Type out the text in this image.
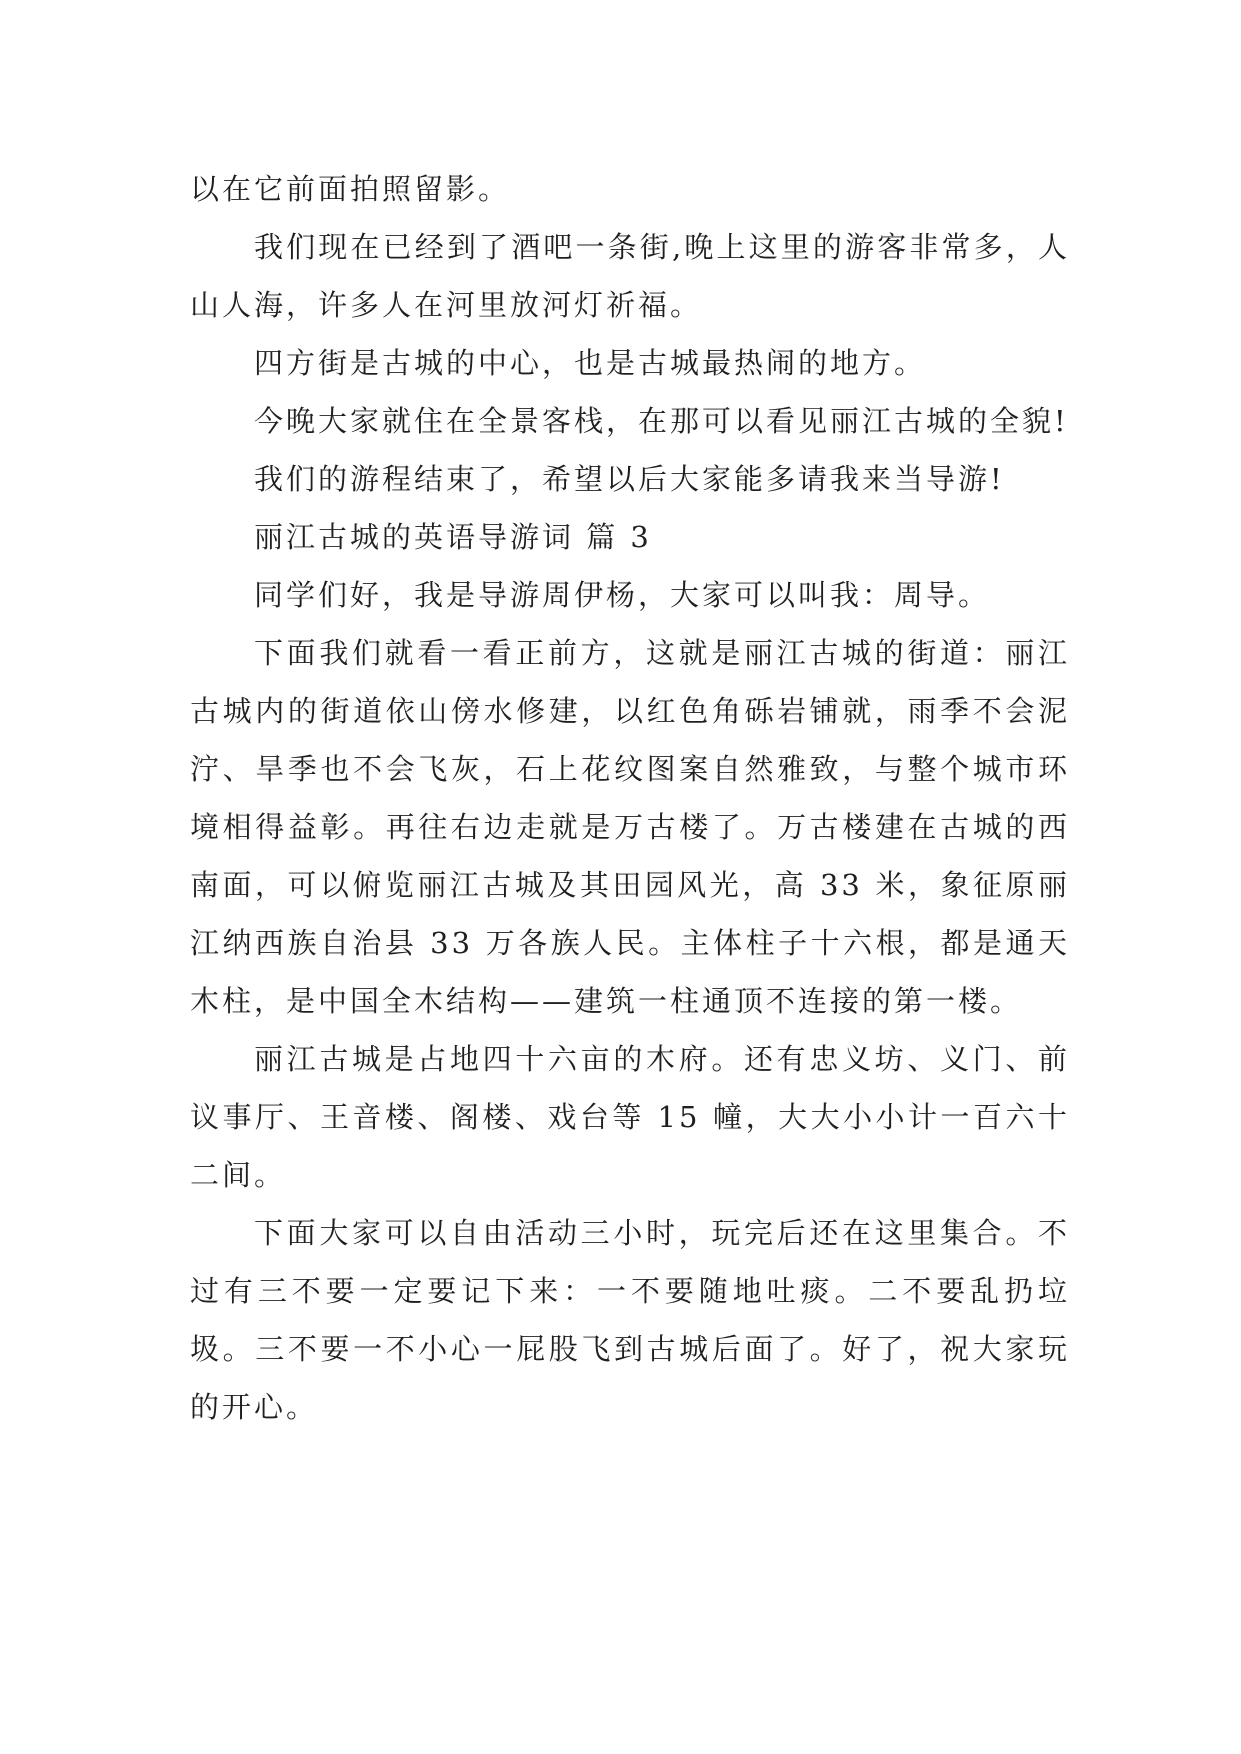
以在它前面拍照留影。

我们现在已经到了酒吧一条街,晚上这里的游客非常多，人山人海，许多人在河里放河灯祈福。

四方街是古城的中心，也是古城最热闹的地方。

今晚大家就住在全景客栈，在那可以看见丽江古城的全貌!

我们的游程结束了，希望以后大家能多请我来当导游!

丽江古城的英语导游词 篇 3

同学们好，我是导游周伊杨，大家可以叫我：周导。

下面我们就看一看正前方，这就是丽江古城的街道：丽江古城内的街道依山傍水修建，以红色角砾岩铺就，雨季不会泥泞、旱季也不会飞灰，石上花纹图案自然雅致，与整个城市环境相得益彰。再往右边走就是万古楼了。万古楼建在古城的西南面，可以俯览丽江古城及其田园风光，高 33 米，象征原丽江纳西族自治县 33 万各族人民。主体柱子十六根，都是通天木柱，是中国全木结构——建筑一柱通顶不连接的第一楼。

丽江古城是占地四十六亩的木府。还有忠义坊、义门、前议事厅、王音楼、阁楼、戏台等 15 幢，大大小小计一百六十二间。

下面大家可以自由活动三小时，玩完后还在这里集合。不过有三不要一定要记下来：一不要随地吐痰。二不要乱扔垃圾。三不要一不小心一屁股飞到古城后面了。好了，祝大家玩的开心。
